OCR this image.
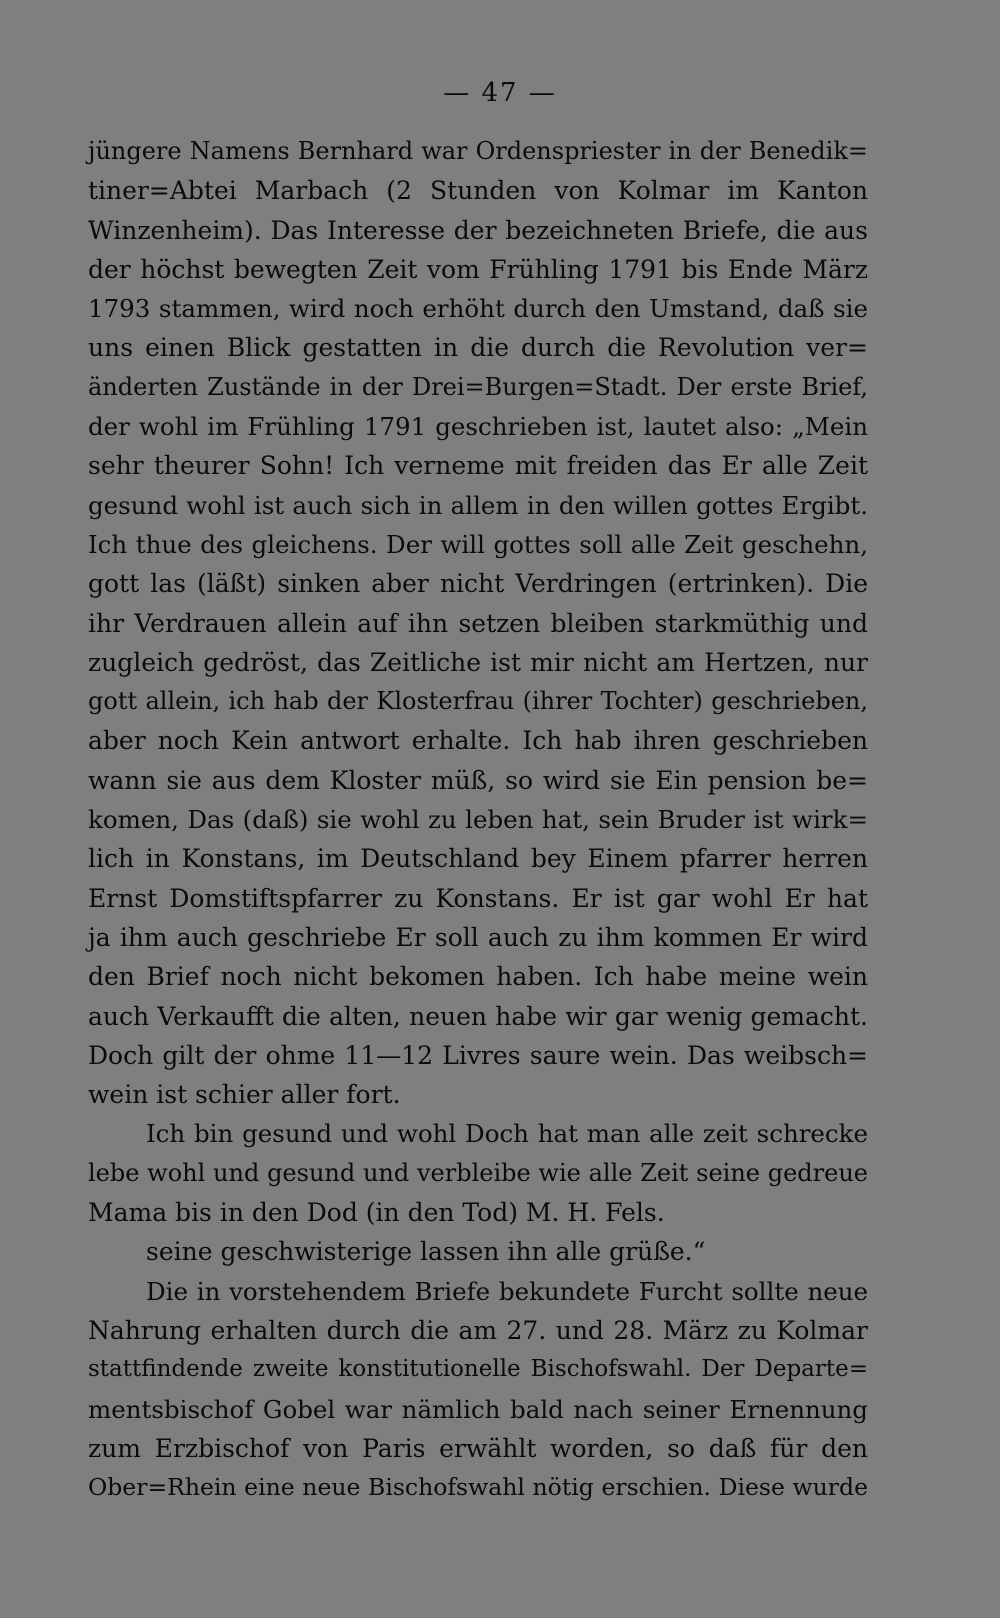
— 47 —
jüngere Namens Bernhard war Ordenspriester in der Benedik=
tiner=Abtei Marbach (2 Stunden von Kolmar im Kanton
Winzenheim). Das Interesse der bezeichneten Briefe, die aus
der höchst bewegten Zeit vom Frühling 1791 bis Ende März
1793 stammen, wird noch erhöht durch den Umstand, daß sie
uns einen Blick gestatten in die durch die Revolution ver=
änderten Zustände in der Drei=Burgen=Stadt. Der erste Brief,
der wohl im Frühling 1791 geschrieben ist, lautet also: „Mein
sehr theurer Sohn! Ich verneme mit freiden das Er alle Zeit
gesund wohl ist auch sich in allem in den willen gottes Ergibt.
Ich thue des gleichens. Der will gottes soll alle Zeit geschehn,
gott las (läßt) sinken aber nicht Verdringen (ertrinken). Die
ihr Verdrauen allein auf ihn setzen bleiben starkmüthig und
zugleich gedröst, das Zeitliche ist mir nicht am Hertzen, nur
gott allein, ich hab der Klosterfrau (ihrer Tochter) geschrieben,
aber noch Kein antwort erhalte. Ich hab ihren geschrieben
wann sie aus dem Kloster müß, so wird sie Ein pension be=
komen, Das (daß) sie wohl zu leben hat, sein Bruder ist wirk=
lich in Konstans, im Deutschland bey Einem pfarrer herren
Ernst Domstiftspfarrer zu Konstans. Er ist gar wohl Er hat
ja ihm auch geschriebe Er soll auch zu ihm kommen Er wird
den Brief noch nicht bekomen haben. Ich habe meine wein
auch Verkaufft die alten, neuen habe wir gar wenig gemacht.
Doch gilt der ohme 11—12 Livres saure wein. Das weibsch=
wein ist schier aller fort.
Ich bin gesund und wohl Doch hat man alle zeit schrecke
lebe wohl und gesund und verbleibe wie alle Zeit seine gedreue
Mama bis in den Dod (in den Tod) M. H. Fels.
seine geschwisterige lassen ihn alle grüße.“
Die in vorstehendem Briefe bekundete Furcht sollte neue
Nahrung erhalten durch die am 27. und 28. März zu Kolmar
stattfindende zweite konstitutionelle Bischofswahl. Der Departe=
mentsbischof Gobel war nämlich bald nach seiner Ernennung
zum Erzbischof von Paris erwählt worden, so daß für den
Ober=Rhein eine neue Bischofswahl nötig erschien. Diese wurde
